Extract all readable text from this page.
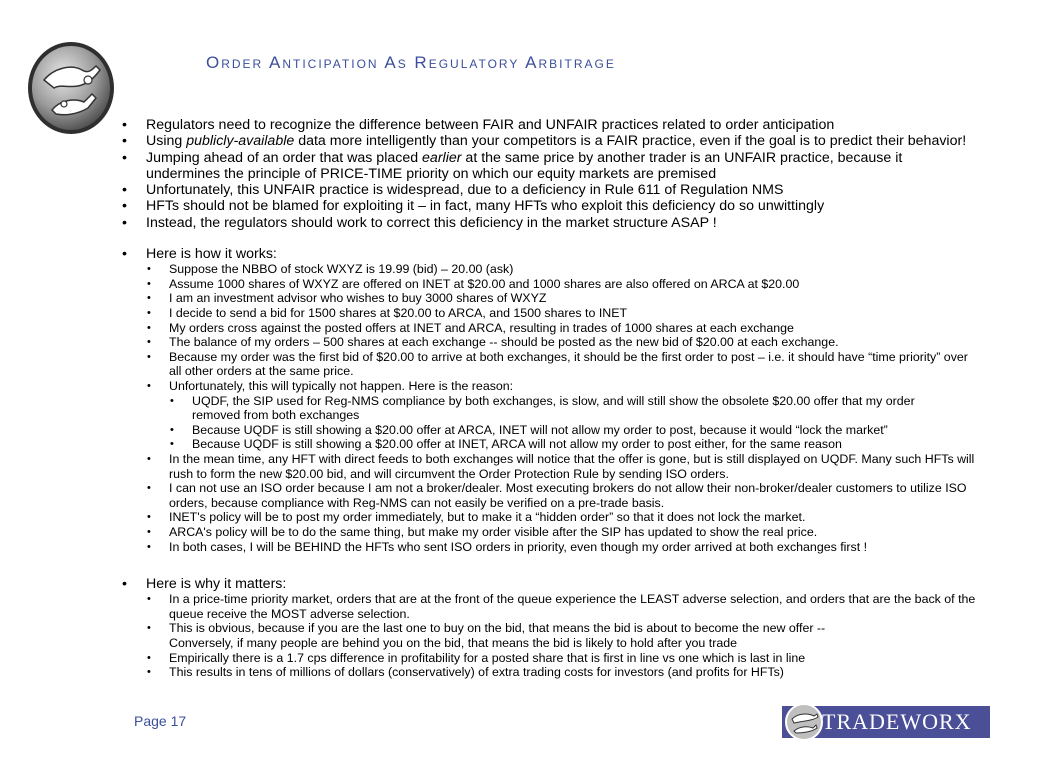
Order Anticipation As Regulatory Arbitrage
• Regulators need to recognize the difference between FAIR and UNFAIR practices related to order anticipation
• Using publicly-available data more intelligently than your competitors is a FAIR practice, even if the goal is to predict their behavior!
• Jumping ahead of an order that was placed earlier at the same price by another trader is an UNFAIR practice, because it undermines the principle of PRICE-TIME priority on which our equity markets are premised
• Unfortunately, this UNFAIR practice is widespread, due to a deficiency in Rule 611 of Regulation NMS
• HFTs should not be blamed for exploiting it – in fact, many HFTs who exploit this deficiency do so unwittingly
• Instead, the regulators should work to correct this deficiency in the market structure ASAP !
• Here is how it works:
• Suppose the NBBO of stock WXYZ is 19.99 (bid) – 20.00 (ask)
• Assume 1000 shares of WXYZ are offered on INET at $20.00 and 1000 shares are also offered on ARCA at $20.00
• I am an investment advisor who wishes to buy 3000 shares of WXYZ
• I decide to send a bid for 1500 shares at $20.00 to ARCA, and 1500 shares to INET
• My orders cross against the posted offers at INET and ARCA, resulting in trades of 1000 shares at each exchange
• The balance of my orders – 500 shares at each exchange -- should be posted as the new bid of $20.00 at each exchange.
• Because my order was the first bid of $20.00 to arrive at both exchanges, it should be the first order to post – i.e. it should have “time priority” over all other orders at the same price.
• Unfortunately, this will typically not happen. Here is the reason:
• UQDF, the SIP used for Reg-NMS compliance by both exchanges, is slow, and will still show the obsolete $20.00 offer that my order removed from both exchanges
• Because UQDF is still showing a $20.00 offer at ARCA, INET will not allow my order to post, because it would “lock the market”
• Because UQDF is still showing a $20.00 offer at INET, ARCA will not allow my order to post either, for the same reason
• In the mean time, any HFT with direct feeds to both exchanges will notice that the offer is gone, but is still displayed on UQDF. Many such HFTs will rush to form the new $20.00 bid, and will circumvent the Order Protection Rule by sending ISO orders.
• I can not use an ISO order because I am not a broker/dealer. Most executing brokers do not allow their non-broker/dealer customers to utilize ISO orders, because compliance with Reg-NMS can not easily be verified on a pre-trade basis.
• INET's policy will be to post my order immediately, but to make it a “hidden order” so that it does not lock the market.
• ARCA's policy will be to do the same thing, but make my order visible after the SIP has updated to show the real price.
• In both cases, I will be BEHIND the HFTs who sent ISO orders in priority, even though my order arrived at both exchanges first !
• Here is why it matters:
• In a price-time priority market, orders that are at the front of the queue experience the LEAST adverse selection, and orders that are the back of the queue receive the MOST adverse selection.
• This is obvious, because if you are the last one to buy on the bid, that means the bid is about to become the new offer -- Conversely, if many people are behind you on the bid, that means the bid is likely to hold after you trade
• Empirically there is a 1.7 cps difference in profitability for a posted share that is first in line vs one which is last in line
• This results in tens of millions of dollars (conservatively) of extra trading costs for investors (and profits for HFTs)
Page 17	TRADEWORX
